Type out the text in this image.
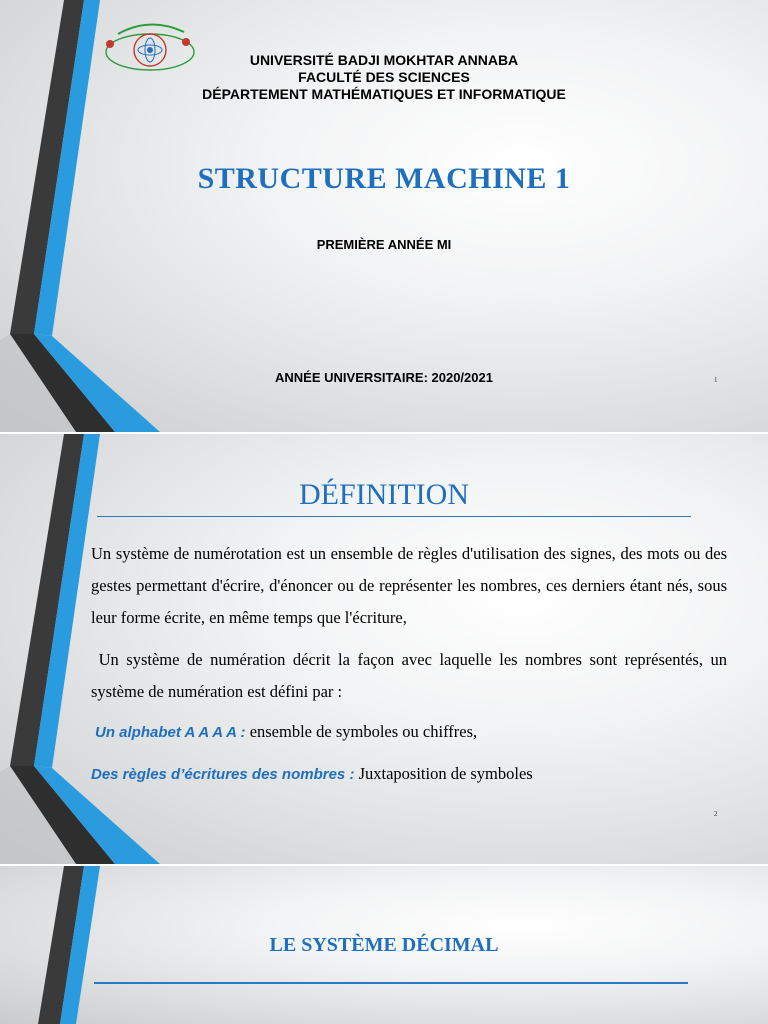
UNIVERSITÉ BADJI MOKHTAR ANNABA
FACULTÉ DES SCIENCES
DÉPARTEMENT MATHÉMATIQUES ET INFORMATIQUE
STRUCTURE MACHINE 1
PREMIÈRE ANNÉE MI
ANNÉE UNIVERSITAIRE: 2020/2021	1
DÉFINITION
Un système de numérotation est un ensemble de règles d'utilisation des signes, des mots ou des gestes permettant d'écrire, d'énoncer ou de représenter les nombres, ces derniers étant nés, sous leur forme écrite, en même temps que l'écriture,
Un système de numération décrit la façon avec laquelle les nombres sont représentés, un système de numération est défini par :
Un alphabet A A A A : ensemble de symboles ou chiffres,
Des règles d’écritures des nombres : Juxtaposition de symboles
2
LE SYSTÈME DÉCIMAL
